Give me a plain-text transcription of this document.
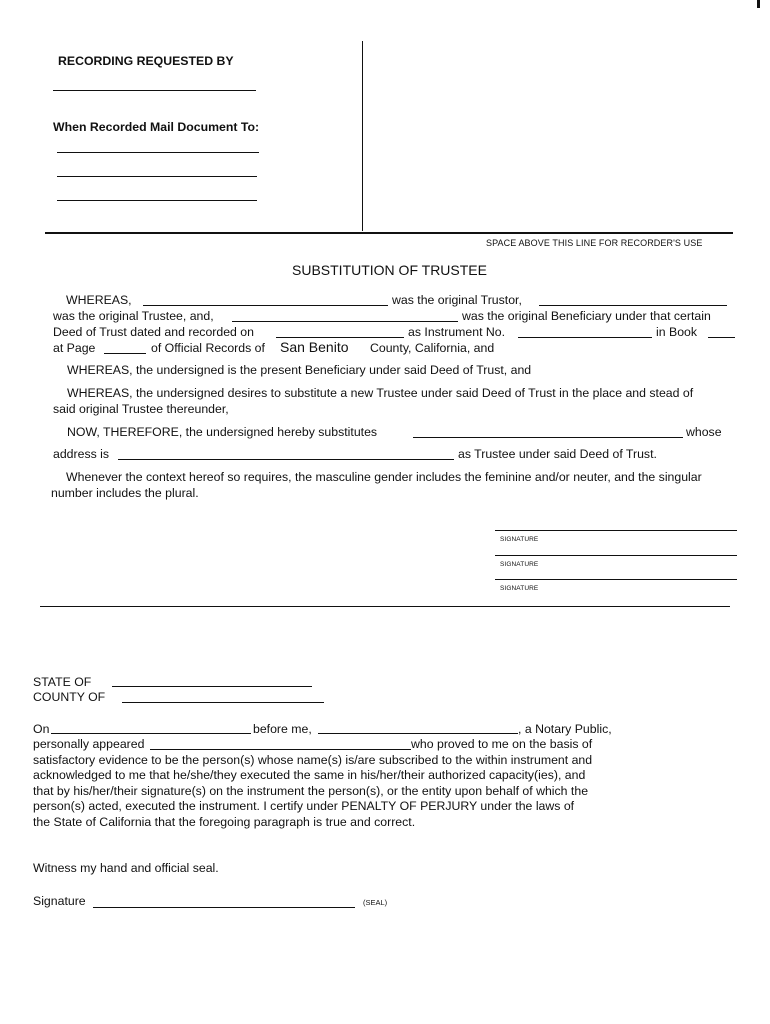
RECORDING REQUESTED BY
When Recorded Mail Document To:
SPACE ABOVE THIS LINE FOR RECORDER'S USE
SUBSTITUTION OF TRUSTEE
WHEREAS,	was the original Trustor,
was the original Trustee, and,	was the original Beneficiary under that certain
Deed of Trust dated and recorded on	as Instrument No.	in Book
at Page	of Official Records of San Benito County, California, and
WHEREAS, the undersigned is the present Beneficiary under said Deed of Trust, and
WHEREAS, the undersigned desires to substitute a new Trustee under said Deed of Trust in the place and stead of
said original Trustee thereunder,
NOW, THEREFORE, the undersigned hereby substitutes	whose
address is	as Trustee under said Deed of Trust.
Whenever the context hereof so requires, the masculine gender includes the feminine and/or neuter, and the singular
number includes the plural.
SIGNATURE
SIGNATURE
SIGNATURE
STATE OF
COUNTY OF
On	before me,	, a Notary Public,
personally appeared	who proved to me on the basis of
satisfactory evidence to be the person(s) whose name(s) is/are subscribed to the within instrument and
acknowledged to me that he/she/they executed the same in his/her/their authorized capacity(ies), and
that by his/her/their signature(s) on the instrument the person(s), or the entity upon behalf of which the
person(s) acted, executed the instrument. I certify under PENALTY OF PERJURY under the laws of
the State of California that the foregoing paragraph is true and correct.
Witness my hand and official seal.
Signature	(SEAL)
